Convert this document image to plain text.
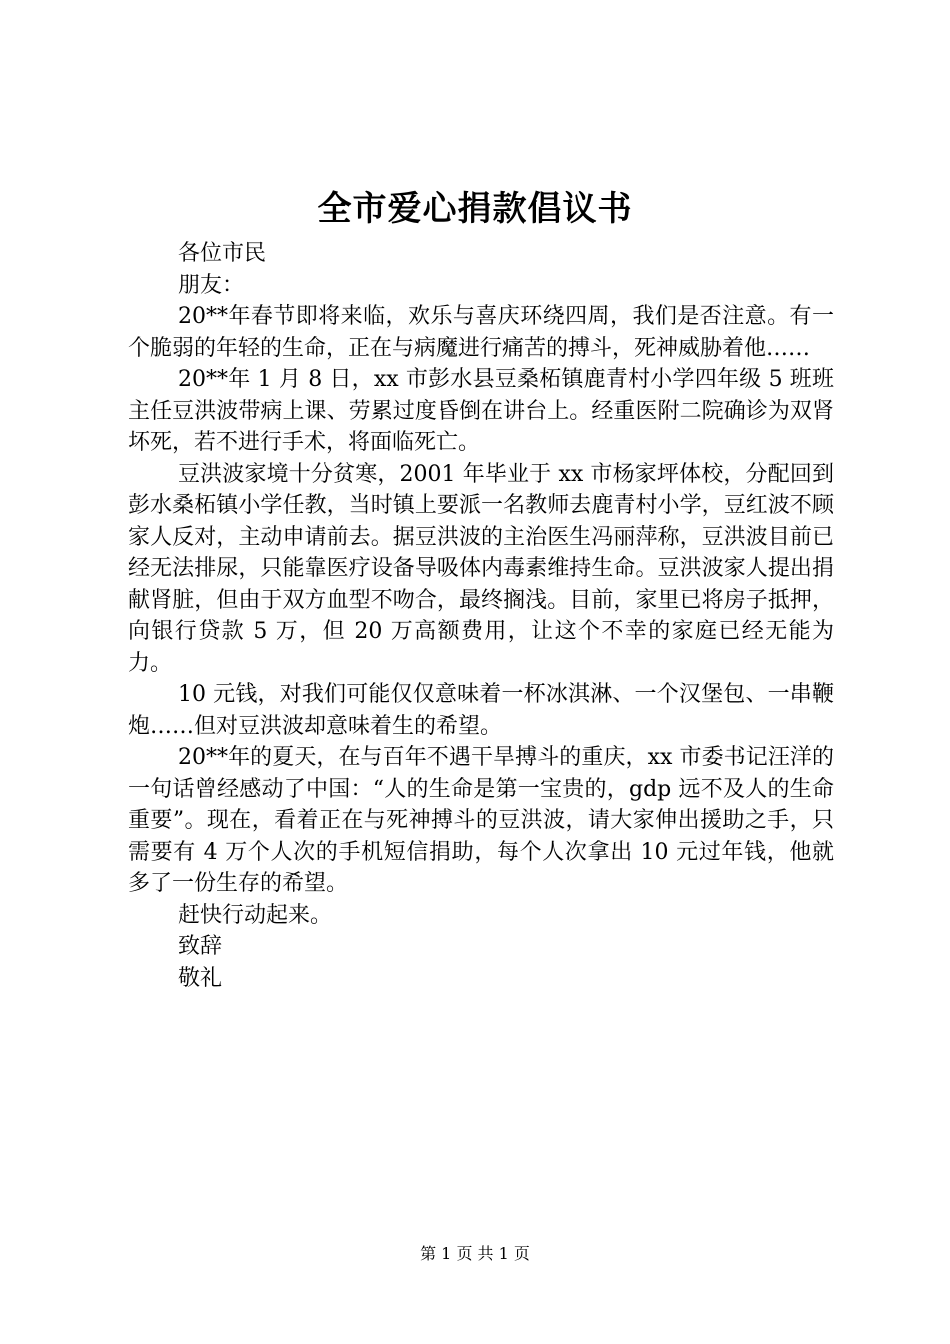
全市爱心捐款倡议书

各位市民

朋友：

20**年春节即将来临，欢乐与喜庆环绕四周，我们是否注意。有一个脆弱的年轻的生命，正在与病魔进行痛苦的搏斗，死神威胁着他……

20**年 1 月 8 日，xx 市彭水县豆桑柘镇鹿青村小学四年级 5 班班主任豆洪波带病上课、劳累过度昏倒在讲台上。经重医附二院确诊为双肾坏死，若不进行手术，将面临死亡。

豆洪波家境十分贫寒，2001 年毕业于 xx 市杨家坪体校，分配回到彭水桑柘镇小学任教，当时镇上要派一名教师去鹿青村小学，豆红波不顾家人反对，主动申请前去。据豆洪波的主治医生冯丽萍称，豆洪波目前已经无法排尿，只能靠医疗设备导吸体内毒素维持生命。豆洪波家人提出捐献肾脏，但由于双方血型不吻合，最终搁浅。目前，家里已将房子抵押，向银行贷款 5 万，但 20 万高额费用，让这个不幸的家庭已经无能为力。

10 元钱，对我们可能仅仅意味着一杯冰淇淋、一个汉堡包、一串鞭炮……但对豆洪波却意味着生的希望。

20**年的夏天，在与百年不遇干旱搏斗的重庆，xx 市委书记汪洋的一句话曾经感动了中国：“人的生命是第一宝贵的，gdp 远不及人的生命重要”。现在，看着正在与死神搏斗的豆洪波，请大家伸出援助之手，只需要有 4 万个人次的手机短信捐助，每个人次拿出 10 元过年钱，他就多了一份生存的希望。

赶快行动起来。

致辞

敬礼

第 1 页 共 1 页
